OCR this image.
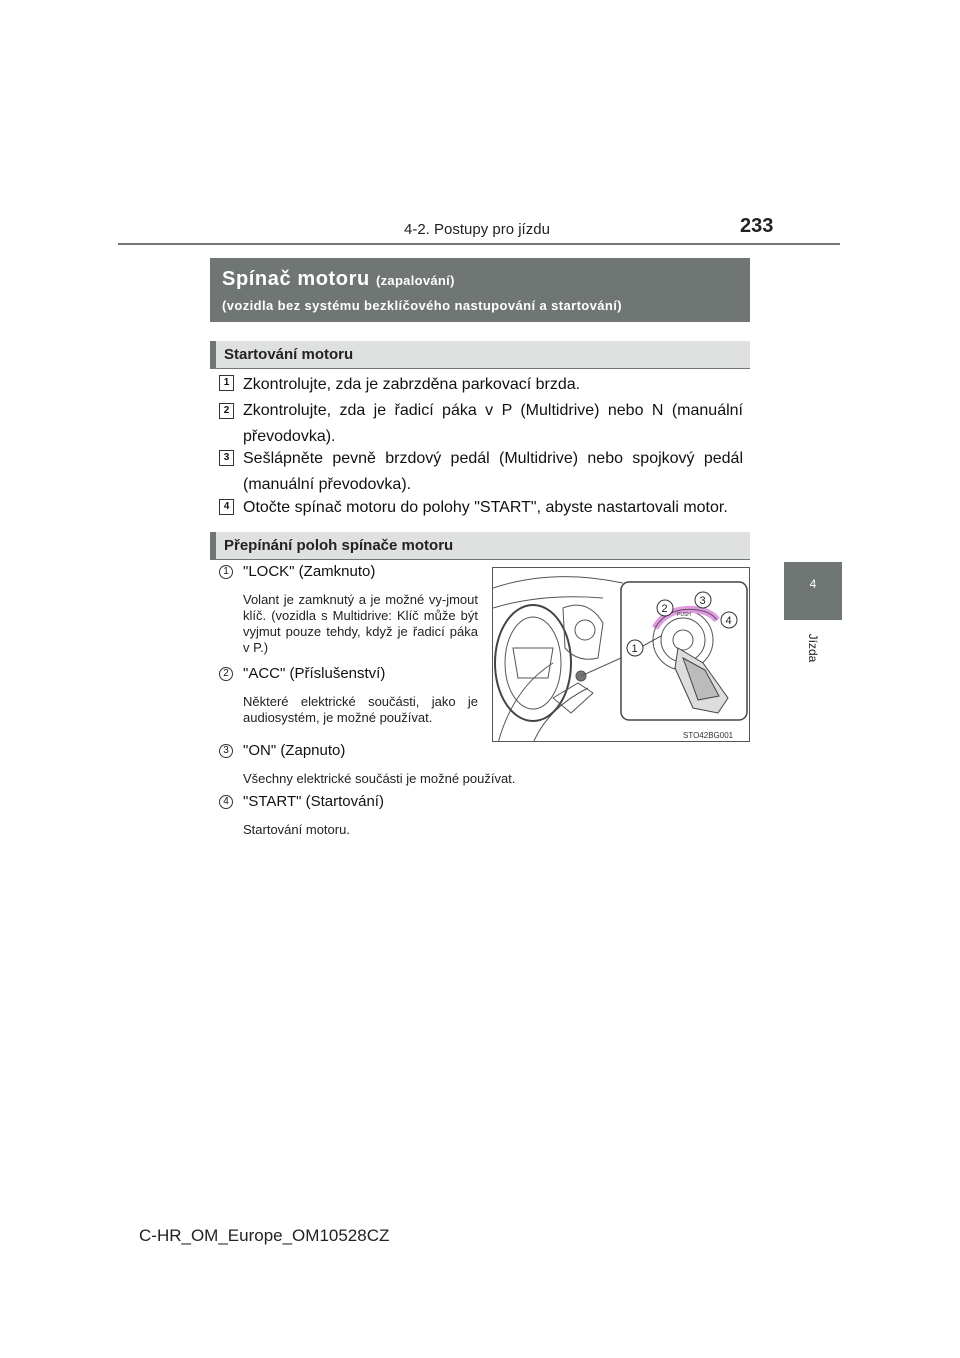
4-2. Postupy pro jízdu	233
4
Jízda
Spínač motoru (zapalování)
(vozidla bez systému bezklíčového nastupování a startování)
Startování motoru
1 Zkontrolujte, zda je zabrzděna parkovací brzda.
2 Zkontrolujte, zda je řadicí páka v P (Multidrive) nebo N (manuální převodovka).
3 Sešlápněte pevně brzdový pedál (Multidrive) nebo spojkový pedál (manuální převodovka).
4 Otočte spínač motoru do polohy "START", abyste nastartovali motor.
Přepínání poloh spínače motoru
1 "LOCK" (Zamknuto)
Volant je zamknutý a je možné vy-jmout klíč. (vozidla s Multidrive: Klíč může být vyjmut pouze tehdy, když je řadicí páka v P.)
2 "ACC" (Příslušenství)
Některé elektrické součásti, jako je audiosystém, je možné používat.
3 "ON" (Zapnuto)
Všechny elektrické součásti je možné používat.
4 "START" (Startování)
Startování motoru.
PUSH
1
2
3
4
STO42BG001
C-HR_OM_Europe_OM10528CZ
